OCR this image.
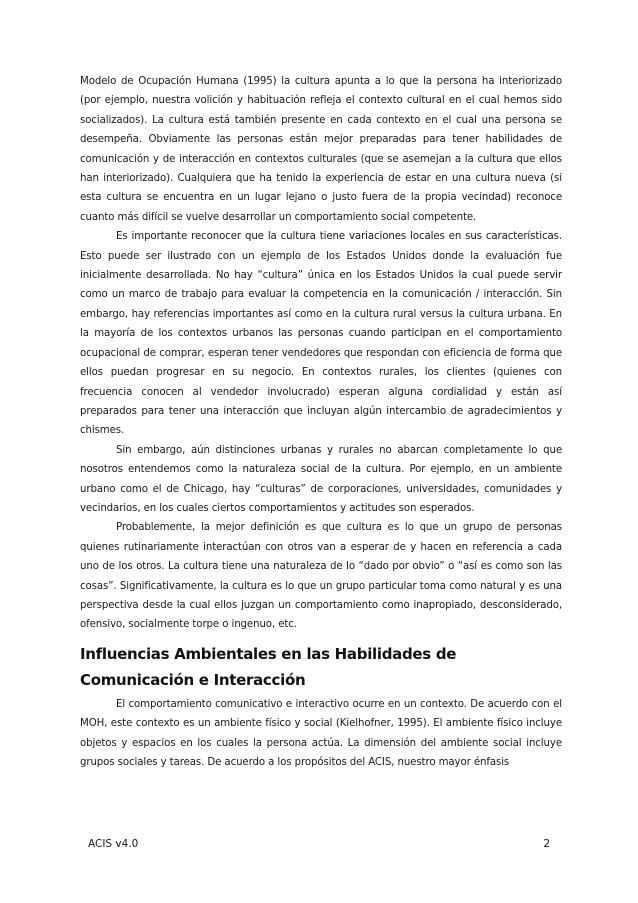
Modelo de Ocupación Humana (1995) la cultura apunta a lo que la persona ha interiorizado (por ejemplo, nuestra volición y habituación refleja el contexto cultural en el cual hemos sido socializados). La cultura está también presente en cada contexto en el cual una persona se desempeña. Obviamente las personas están mejor preparadas para tener habilidades de comunicación y de interacción en contextos culturales (que se asemejan a la cultura que ellos han interiorizado). Cualquiera que ha tenido la experiencia de estar en una cultura nueva (si esta cultura se encuentra en un lugar lejano o justo fuera de la propia vecindad) reconoce cuanto más difícil se vuelve desarrollar un comportamiento social competente.

Es importante reconocer que la cultura tiene variaciones locales en sus características. Esto puede ser ilustrado con un ejemplo de los Estados Unidos donde la evaluación fue inicialmente desarrollada. No hay “cultura” única en los Estados Unidos la cual puede servir como un marco de trabajo para evaluar la competencia en la comunicación / interacción. Sin embargo, hay referencias importantes así como en la cultura rural versus la cultura urbana. En la mayoría de los contextos urbanos las personas cuando participan en el comportamiento ocupacional de comprar, esperan tener vendedores que respondan con eficiencia de forma que ellos puedan progresar en su negocio. En contextos rurales, los clientes (quienes con frecuencia conocen al vendedor involucrado) esperan alguna cordialidad y están así preparados para tener una interacción que incluyan algún intercambio de agradecimientos y chismes.

Sin embargo, aún distinciones urbanas y rurales no abarcan completamente lo que nosotros entendemos como la naturaleza social de la cultura. Por ejemplo, en un ambiente urbano como el de Chicago, hay “culturas” de corporaciones, universidades, comunidades y vecindarios, en los cuales ciertos comportamientos y actitudes son esperados.

Probablemente, la mejor definición es que cultura es lo que un grupo de personas quienes rutinariamente interactúan con otros van a esperar de y hacen en referencia a cada uno de los otros. La cultura tiene una naturaleza de lo “dado por obvio” o “así es como son las cosas”. Significativamente, la cultura es lo que un grupo particular toma como natural y es una perspectiva desde la cual ellos juzgan un comportamiento como inapropiado, desconsiderado, ofensivo, socialmente torpe o ingenuo, etc.

Influencias Ambientales en las Habilidades de Comunicación e Interacción

El comportamiento comunicativo e interactivo ocurre en un contexto. De acuerdo con el MOH, este contexto es un ambiente físico y social (Kielhofner, 1995). El ambiente físico incluye objetos y espacios en los cuales la persona actúa. La dimensión del ambiente social incluye grupos sociales y tareas. De acuerdo a los propósitos del ACIS, nuestro mayor énfasis

ACIS v4.0	2
